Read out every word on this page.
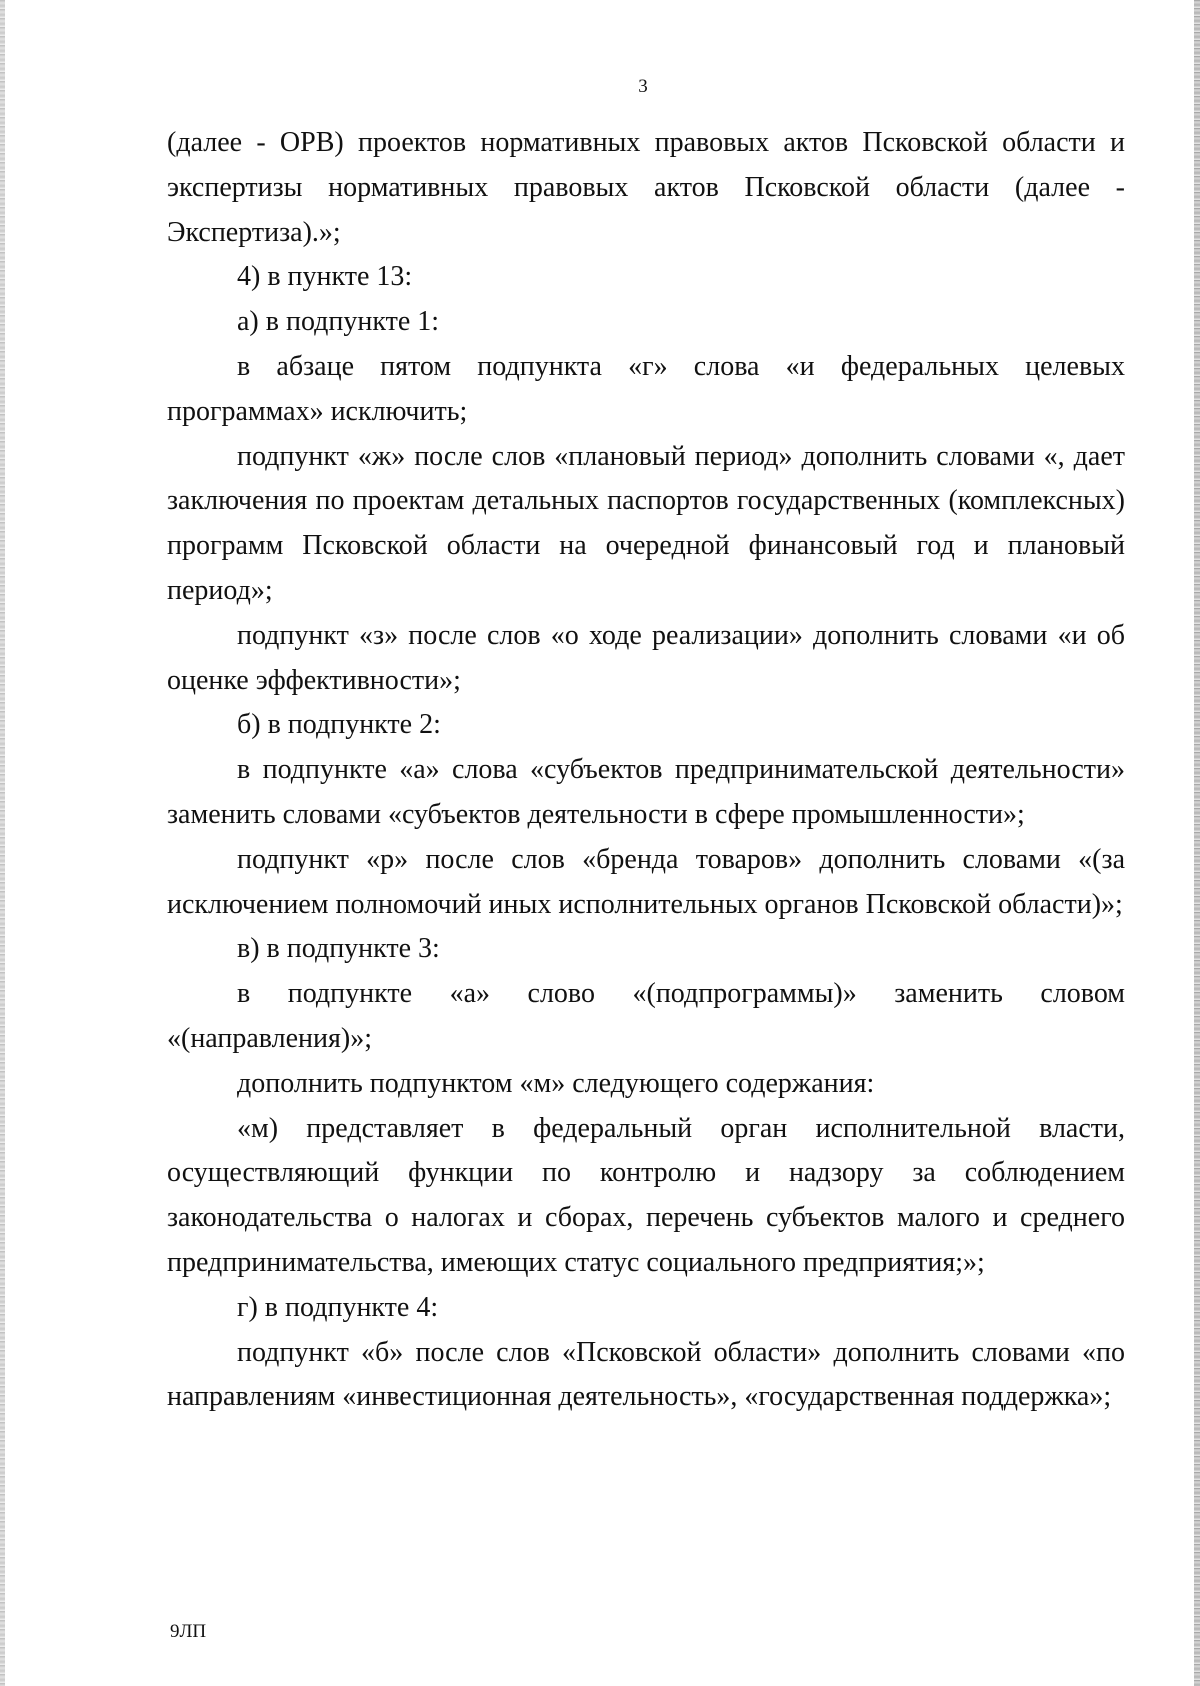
3

(далее - ОРВ) проектов нормативных правовых актов Псковской области и экспертизы нормативных правовых актов Псковской области (далее - Экспертиза).»;

4) в пункте 13:

а) в подпункте 1:

в абзаце пятом подпункта «г» слова «и федеральных целевых программах» исключить;

подпункт «ж» после слов «плановый период» дополнить словами «, дает заключения по проектам детальных паспортов государственных (комплексных) программ Псковской области на очередной финансовый год и плановый период»;

подпункт «з» после слов «о ходе реализации» дополнить словами «и об оценке эффективности»;

б) в подпункте 2:

в подпункте «а» слова «субъектов предпринимательской деятельности» заменить словами «субъектов деятельности в сфере промышленности»;

подпункт «р» после слов «бренда товаров» дополнить словами «(за исключением полномочий иных исполнительных органов Псковской области)»;

в) в подпункте 3:

в подпункте «а» слово «(подпрограммы)» заменить словом «(направления)»;

дополнить подпунктом «м» следующего содержания:

«м) представляет в федеральный орган исполнительной власти, осуществляющий функции по контролю и надзору за соблюдением законодательства о налогах и сборах, перечень субъектов малого и среднего предпринимательства, имеющих статус социального предприятия;»;

г) в подпункте 4:

подпункт «б» после слов «Псковской области» дополнить словами «по направлениям «инвестиционная деятельность», «государственная поддержка»;

9ЛП
